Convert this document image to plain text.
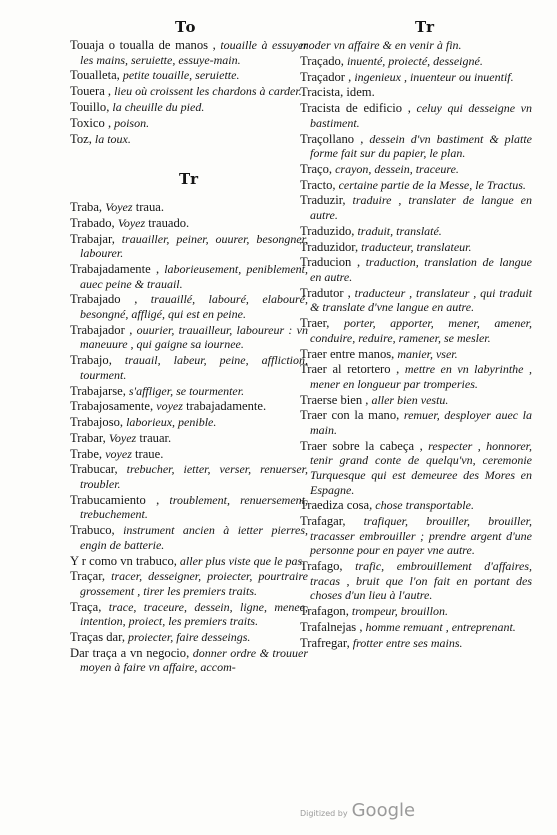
To	Tr
Touaja o toualla de manos , touaille à essuyer les mains, seruiette, essuye-main.
Toualleta, petite touaille, seruiette.
Touera , lieu où croissent les chardons à carder.
Touillo, la cheuille du pied.
Toxico , poison.
Toz, la toux.
Tr
Traba, Voyez traua.
Trabado, Voyez trauado.
Trabajar, trauailler, peiner, ouurer, besongner, labourer.
Trabajadamente , laborieusement, peniblement, auec peine & trauail.
Trabajado , trauaillé, labouré, elabouré, besongné, affligé, qui est en peine.
Trabajador , ouurier, trauailleur, laboureur : vn maneuure , qui gaigne sa iournee.
Trabajo, trauail, labeur, peine, affliction, tourment.
Trabajarse, s'affliger, se tourmenter.
Trabajosamente, voyez trabajadamente.
Trabajoso, laborieux, penible.
Trabar, Voyez trauar.
Trabe, voyez traue.
Trabucar, trebucher, ietter, verser, renuerser, troubler.
Trabucamiento , troublement, renuersement, trebuchement.
Trabuco, instrument ancien à ietter pierres, engin de batterie.
Y r como vn trabuco, aller plus viste que le pas.
Traçar, tracer, desseigner, proiecter, pourtraire grossement , tirer les premiers traits.
Traça, trace, traceure, dessein, ligne, menee, intention, proiect, les premiers traits.
Traças dar, proiecter, faire desseings.
Dar traça a vn negocio, donner ordre & trouuer moyen à faire vn affaire, accom-
moder vn affaire & en venir à fin.
Traçado, inuenté, proiecté, desseigné.
Traçador , ingenieux , inuenteur ou inuentif.
Tracista, idem.
Tracista de edificio , celuy qui desseigne vn bastiment.
Traçollano , dessein d'vn bastiment & platte forme fait sur du papier, le plan.
Traço, crayon, dessein, traceure.
Tracto, certaine partie de la Messe, le Tractus.
Traduzir, traduire , translater de langue en autre.
Traduzido, traduit, translaté.
Traduzidor, traducteur, translateur.
Traducion , traduction, translation de langue en autre.
Tradutor , traducteur , translateur , qui traduit & translate d'vne langue en autre.
Traer, porter, apporter, mener, amener, conduire, reduire, ramener, se mesler.
Traer entre manos, manier, vser.
Traer al retortero , mettre en vn labyrinthe , mener en longueur par tromperies.
Traerse bien , aller bien vestu.
Traer con la mano, remuer, desployer auec la main.
Traer sobre la cabeça , respecter , honnorer, tenir grand conte de quelqu'vn, ceremonie Turquesque qui est demeuree des Mores en Espagne.
Traediza cosa, chose transportable.
Trafagar, trafiquer, brouiller, brouiller, tracasser embrouiller ; prendre argent d'une personne pour en payer vne autre.
Trafago, trafic, embrouillement d'affaires, tracas , bruit que l'on fait en portant des choses d'un lieu à l'autre.
Trafagon, trompeur, brouillon.
Trafalnejas , homme remuant , entreprenant.
Trafregar, frotter entre ses mains.
Digitized by Google
